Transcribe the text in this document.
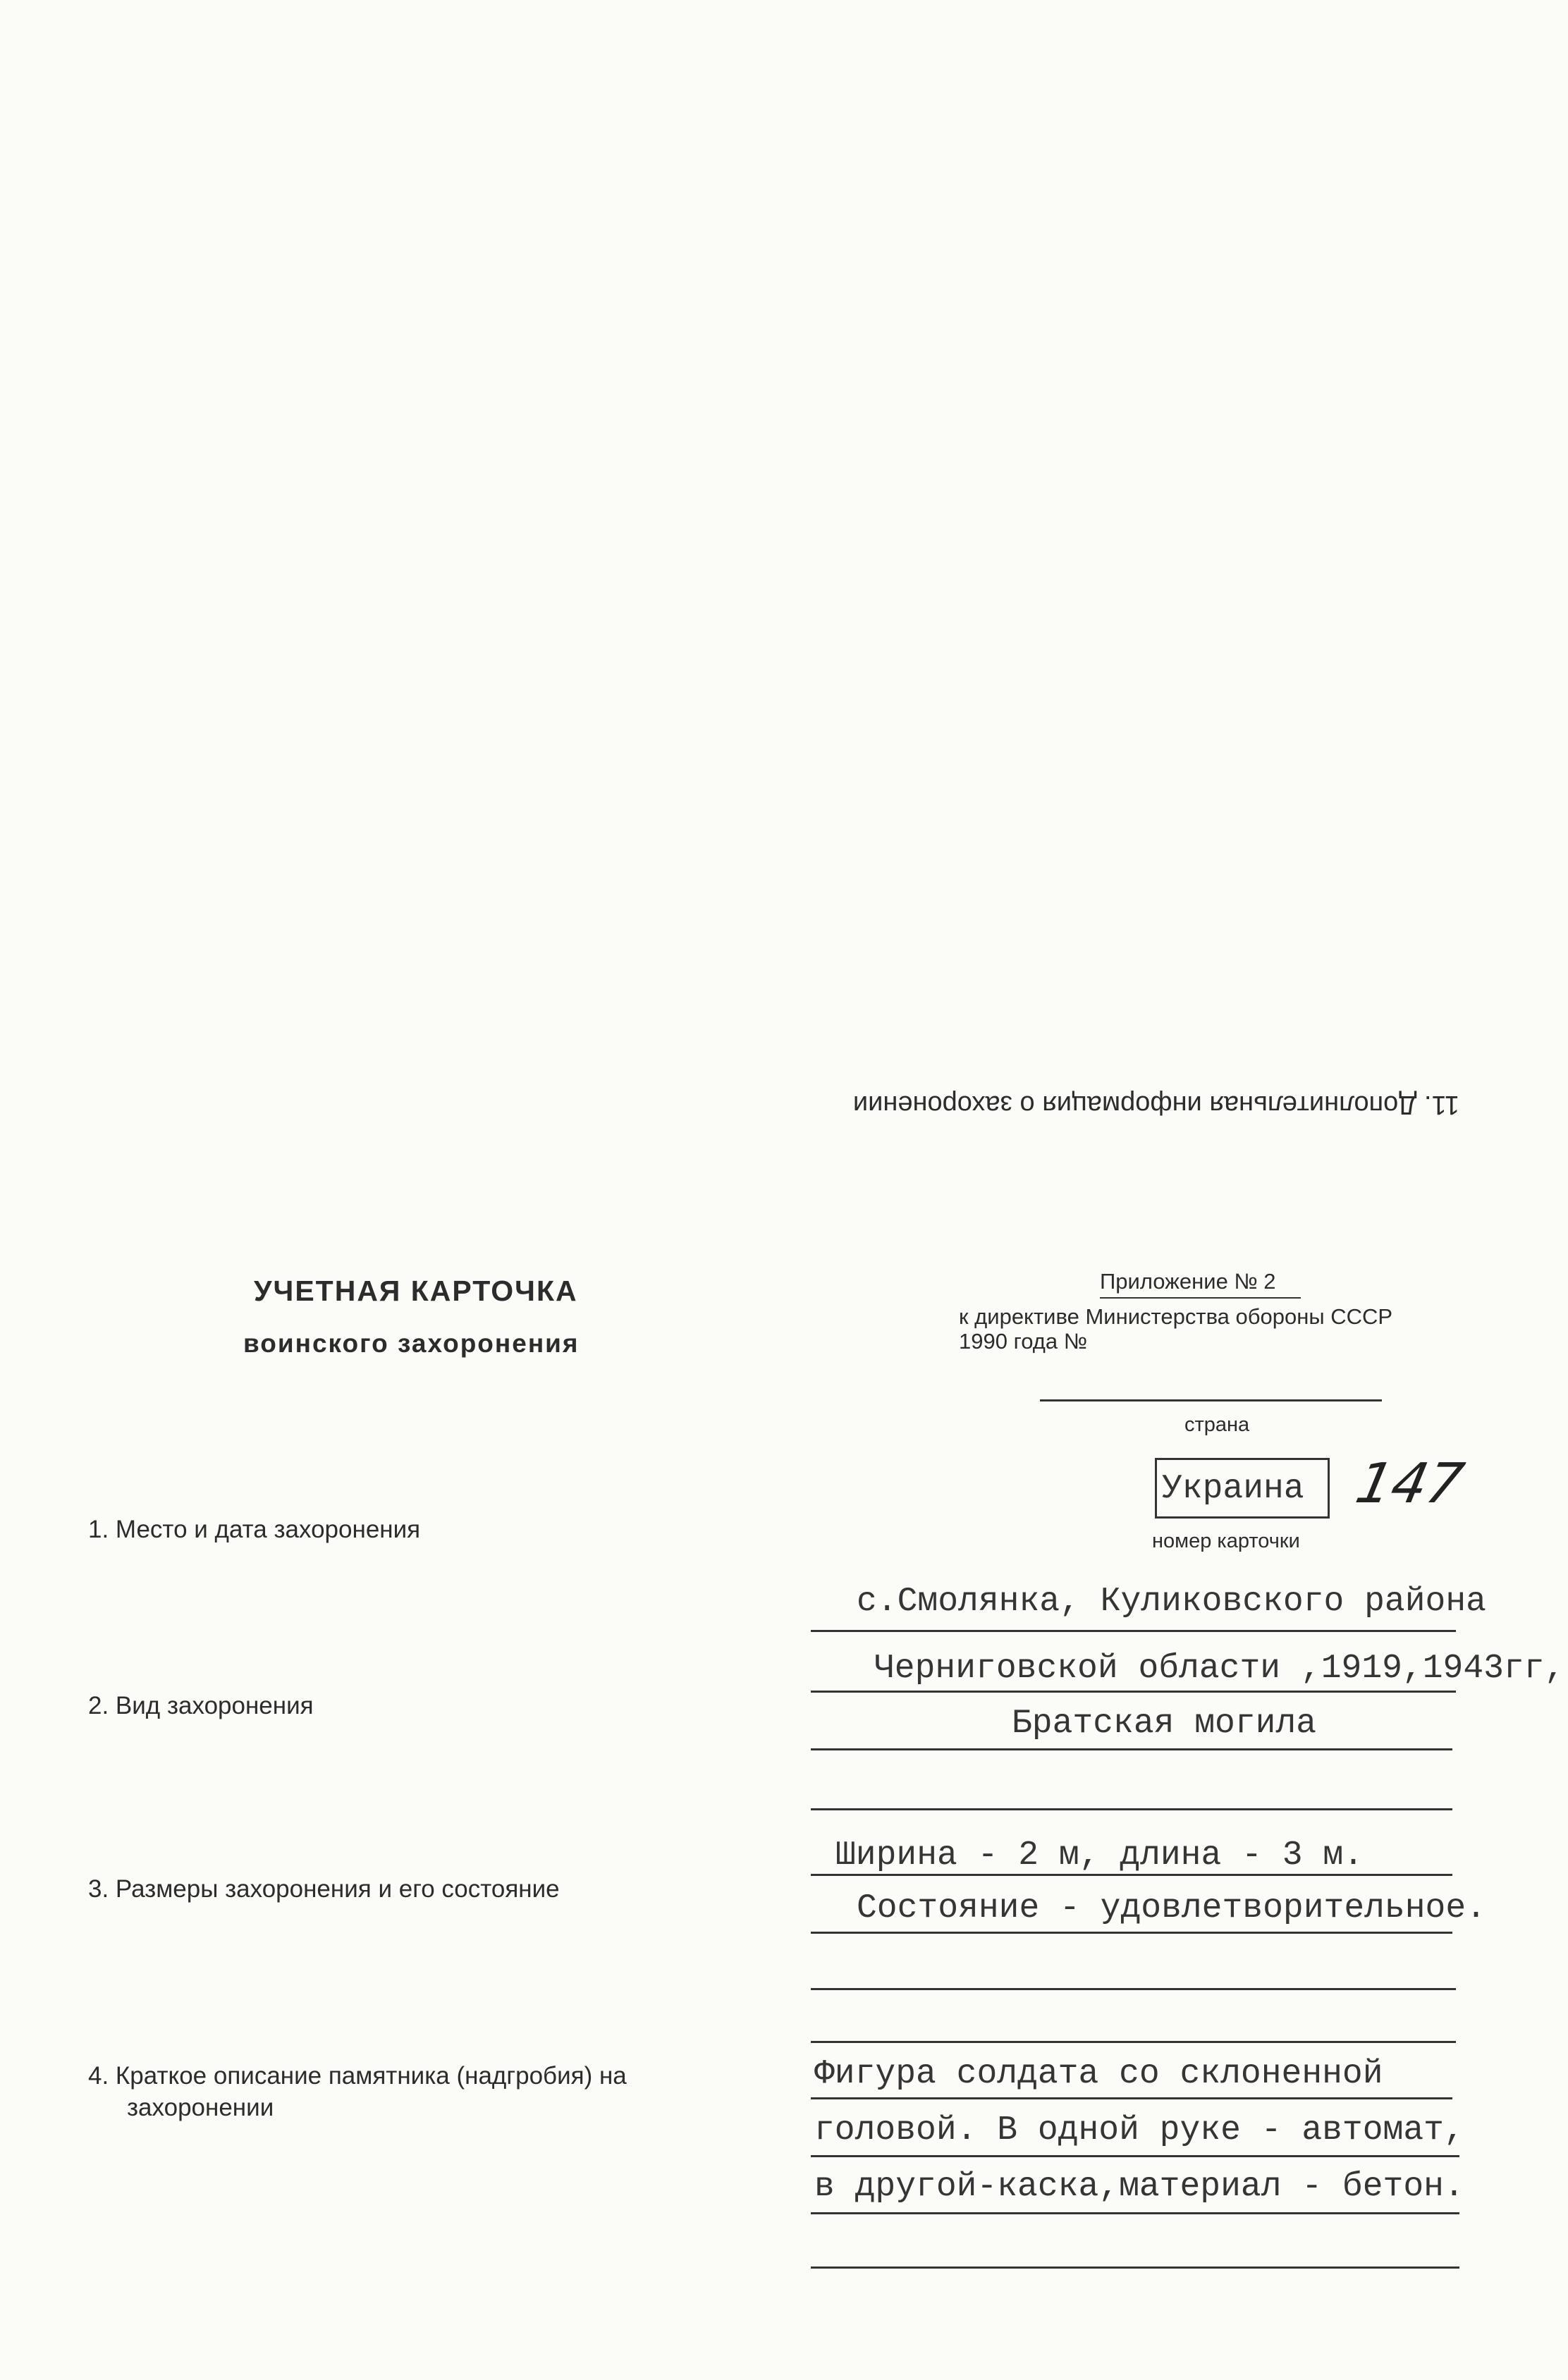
11. Дополнительная информация о захоронении
УЧЕТНАЯ КАРТОЧКА
воинского захоронения
Приложение № 2
к директиве Министерства обороны СССР
1990 года №
страна
Украина 147
номер карточки
1. Место и дата захоронения
с.Смолянка, Куликовского района
Черниговской области ,1919,1943гг,
2. Вид захоронения	Братская могила
Ширина - 2 м, длина - 3 м.
3. Размеры захоронения и его состояние
Состояние - удовлетворительное.
4. Краткое описание памятника (надгробия) на
захоронении
Фигура солдата со склоненной
головой. В одной руке - автомат,
в другой-каска,материал - бетон.
